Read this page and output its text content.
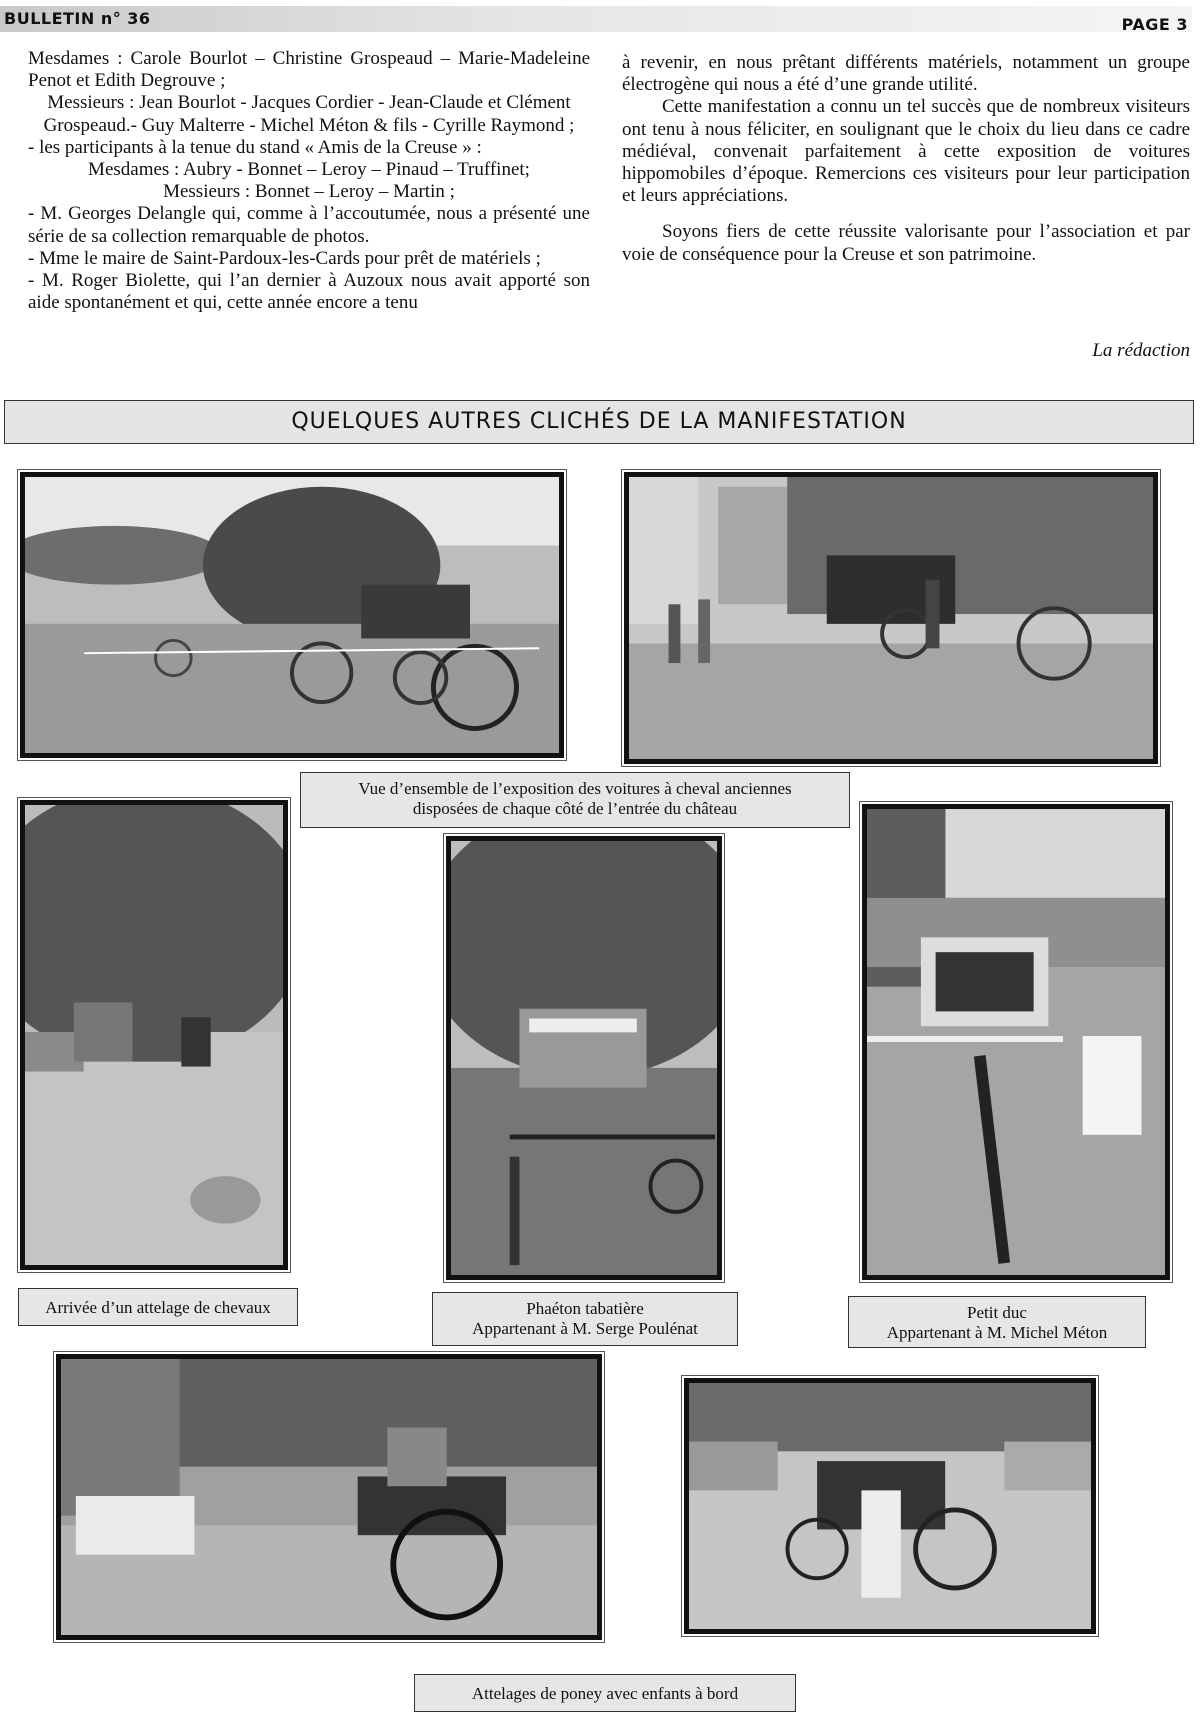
BULLETIN n° 36	PAGE 3

Mesdames : Carole Bourlot – Christine Grospeaud – Marie-Madeleine Penot et Edith Degrouve ;

Messieurs : Jean Bourlot - Jacques Cordier - Jean-Claude et Clément Grospeaud.- Guy Malterre - Michel Méton & fils - Cyrille Raymond ;

- les participants à la tenue du stand « Amis de la Creuse » :

Mesdames : Aubry - Bonnet – Leroy – Pinaud – Truffinet;

Messieurs : Bonnet – Leroy – Martin ;

- M. Georges Delangle qui, comme à l’accoutumée, nous a présenté une série de sa collection remarquable de photos.

- Mme le maire de Saint-Pardoux-les-Cards pour prêt de matériels ;

- M. Roger Biolette, qui l’an dernier à Auzoux nous avait apporté son aide spontanément et qui, cette année encore a tenu

à revenir, en nous prêtant différents matériels, notamment un groupe électrogène qui nous a été d’une grande utilité.

Cette manifestation a connu un tel succès que de nombreux visiteurs ont tenu à nous féliciter, en soulignant que le choix du lieu dans ce cadre médiéval, convenait parfaitement à cette exposition de voitures hippomobiles d’époque. Remercions ces visiteurs pour leur participation et leurs appréciations.

Soyons fiers de cette réussite valorisante pour l’association et par voie de conséquence pour la Creuse et son patrimoine.

La rédaction
QUELQUES AUTRES CLICHÉS DE LA MANIFESTATION
Vue d’ensemble de l’exposition des voitures à cheval anciennes
disposées de chaque côté de l’entrée du château
Arrivée d’un attelage de chevaux	Phaéton tabatière
Appartenant à M. Serge Poulénat
Petit duc
Appartenant à M. Michel Méton
Attelages de poney avec enfants à bord
